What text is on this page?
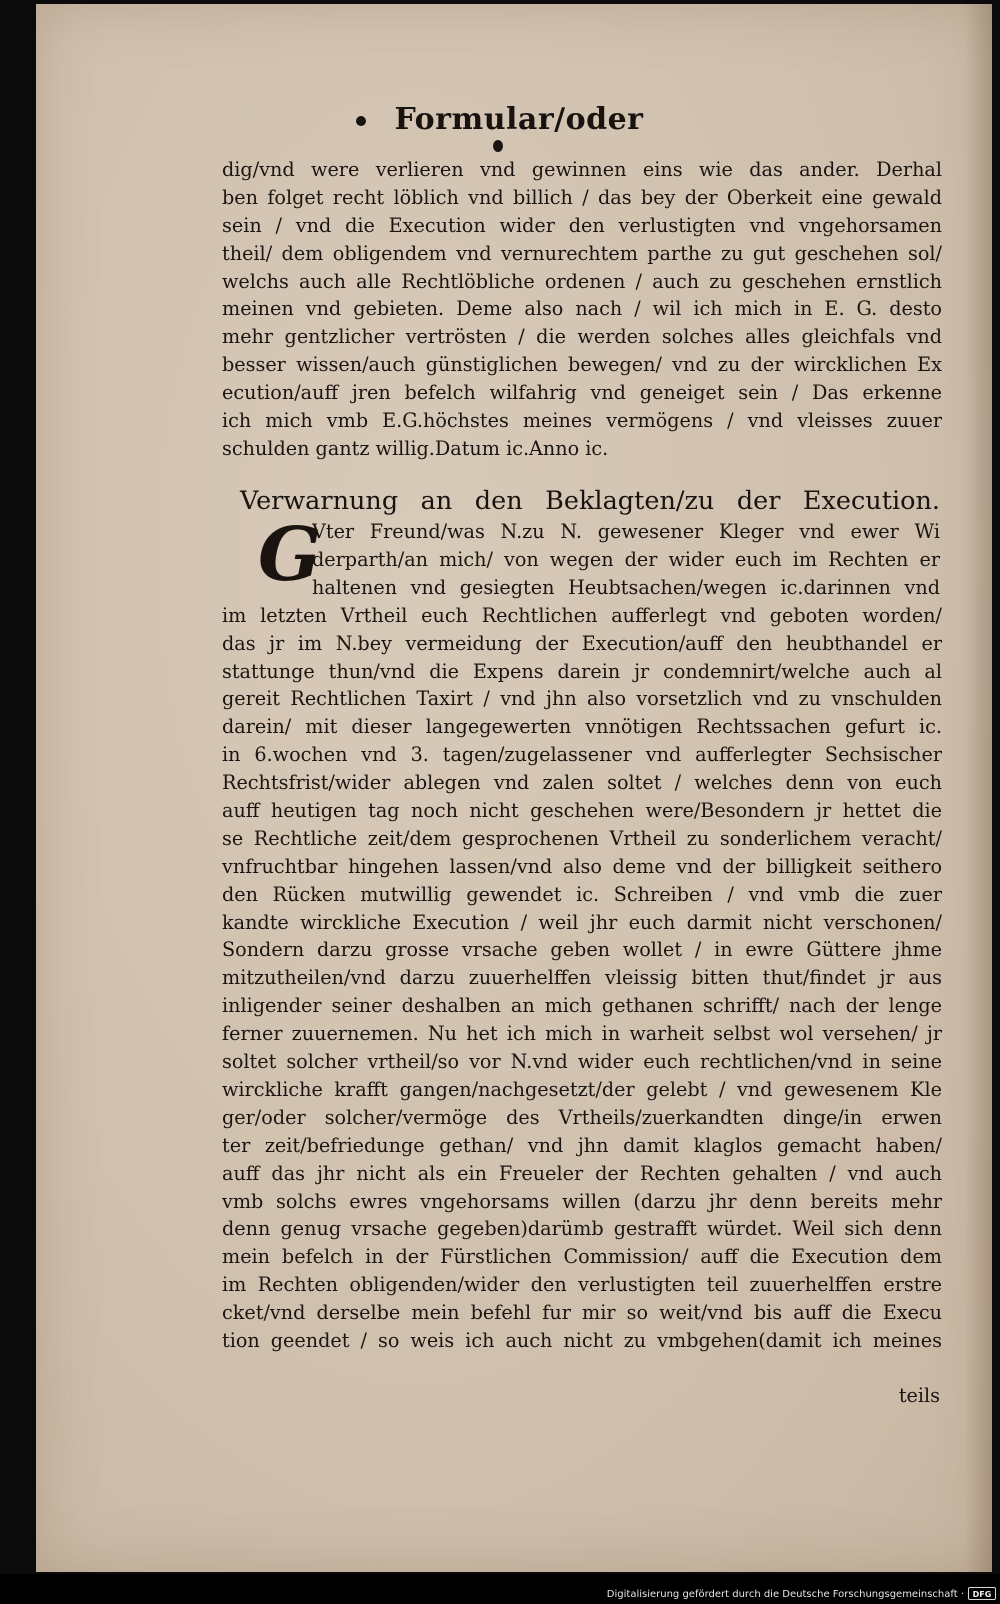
Formular/oder
dig/vnd were verlieren vnd gewinnen eins wie das ander. Derhal
ben folget recht löblich vnd billich / das bey der Oberkeit eine gewald
sein / vnd die Execution wider den verlustigten vnd vngehorsamen
theil/ dem obligendem vnd vernurechtem parthe zu gut geschehen sol/
welchs auch alle Rechtlöbliche ordenen / auch zu geschehen ernstlich
meinen vnd gebieten. Deme also nach / wil ich mich in E. G. desto
mehr gentzlicher vertrösten / die werden solches alles gleichfals vnd
besser wissen/auch günstiglichen bewegen/ vnd zu der wircklichen Ex
ecution/auff jren befelch wilfahrig vnd geneiget sein / Das erkenne
ich mich vmb E.G.höchstes meines vermögens / vnd vleisses zuuer
schulden gantz willig.Datum ic.Anno ic.
Verwarnung an den Beklagten/zu der Execution.
G
Vter Freund/was N.zu N. gewesener Kleger vnd ewer Wi
derparth/an mich/ von wegen der wider euch im Rechten er
haltenen vnd gesiegten Heubtsachen/wegen ic.darinnen vnd
im letzten Vrtheil euch Rechtlichen aufferlegt vnd geboten worden/
das jr im N.bey vermeidung der Execution/auff den heubthandel er
stattunge thun/vnd die Expens darein jr condemnirt/welche auch al
gereit Rechtlichen Taxirt / vnd jhn also vorsetzlich vnd zu vnschulden
darein/ mit dieser langegewerten vnnötigen Rechtssachen gefurt ic.
in 6.wochen vnd 3. tagen/zugelassener vnd aufferlegter Sechsischer
Rechtsfrist/wider ablegen vnd zalen soltet / welches denn von euch
auff heutigen tag noch nicht geschehen were/Besondern jr hettet die
se Rechtliche zeit/dem gesprochenen Vrtheil zu sonderlichem veracht/
vnfruchtbar hingehen lassen/vnd also deme vnd der billigkeit seithero
den Rücken mutwillig gewendet ic. Schreiben / vnd vmb die zuer
kandte wirckliche Execution / weil jhr euch darmit nicht verschonen/
Sondern darzu grosse vrsache geben wollet / in ewre Güttere jhme
mitzutheilen/vnd darzu zuuerhelffen vleissig bitten thut/findet jr aus
inligender seiner deshalben an mich gethanen schrifft/ nach der lenge
ferner zuuernemen. Nu het ich mich in warheit selbst wol versehen/ jr
soltet solcher vrtheil/so vor N.vnd wider euch rechtlichen/vnd in seine
wirckliche krafft gangen/nachgesetzt/der gelebt / vnd gewesenem Kle
ger/oder solcher/vermöge des Vrtheils/zuerkandten dinge/in erwen
ter zeit/befriedunge gethan/ vnd jhn damit klaglos gemacht haben/
auff das jhr nicht als ein Freueler der Rechten gehalten / vnd auch
vmb solchs ewres vngehorsams willen (darzu jhr denn bereits mehr
denn genug vrsache gegeben)darümb gestrafft würdet. Weil sich denn
mein befelch in der Fürstlichen Commission/ auff die Execution dem
im Rechten obligenden/wider den verlustigten teil zuuerhelffen erstre
cket/vnd derselbe mein befehl fur mir so weit/vnd bis auff die Execu
tion geendet / so weis ich auch nicht zu vmbgehen(damit ich meines
teils
Digitalisierung gefördert durch die Deutsche Forschungsgemeinschaft ·	DFG
